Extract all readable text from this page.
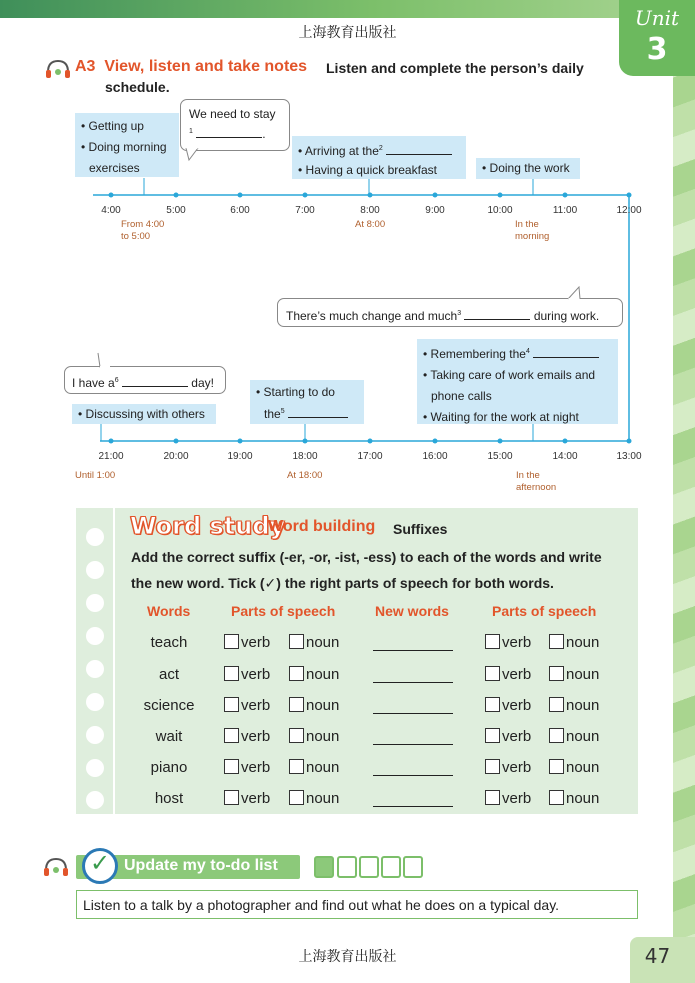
Unit
3
上海教育出版社
A3 View, listen and take notes Listen and complete the person’s daily
schedule.
• Getting up
• Doing morning
exercises
We need to stay
$^1$	.
• Arriving at the$^2$
• Having a quick breakfast	• Doing the work
4:00	5:00	6:00	7:00	8:00	9:00	10:00	11:00	12:00
From 4:00
to 5:00
At 8:00	In the
morning
There’s much change and much$^3$	during work.
• Remembering the$^4$
• Taking care of work emails and
phone calls
• Waiting for the work at night
I have $a^6$	day!
• Starting to do
the$^5$
• Discussing with others
21:00	20:00	19:00	18:00	17:00	16:00	15:00	14:00	13:00
Until 1:00	At 18:00	In the
afternoon
Word study
Word building Suffixes
Add the correct suffix (-er, -or, -ist, -ess) to each of the words and write
the new word. Tick (✓) the right parts of speech for both words.
Words	Parts of speech	New words	Parts of speech
teach	verb	noun	verb	noun
act	verb	noun	verb	noun
science	verb	noun	verb	noun
wait	verb	noun	verb	noun
piano	verb	noun	verb	noun
host	verb	noun	verb	noun
✓ Update my to-do list
Listen to a talk by a photographer and find out what he does on a typical day.
上海教育出版社	47
